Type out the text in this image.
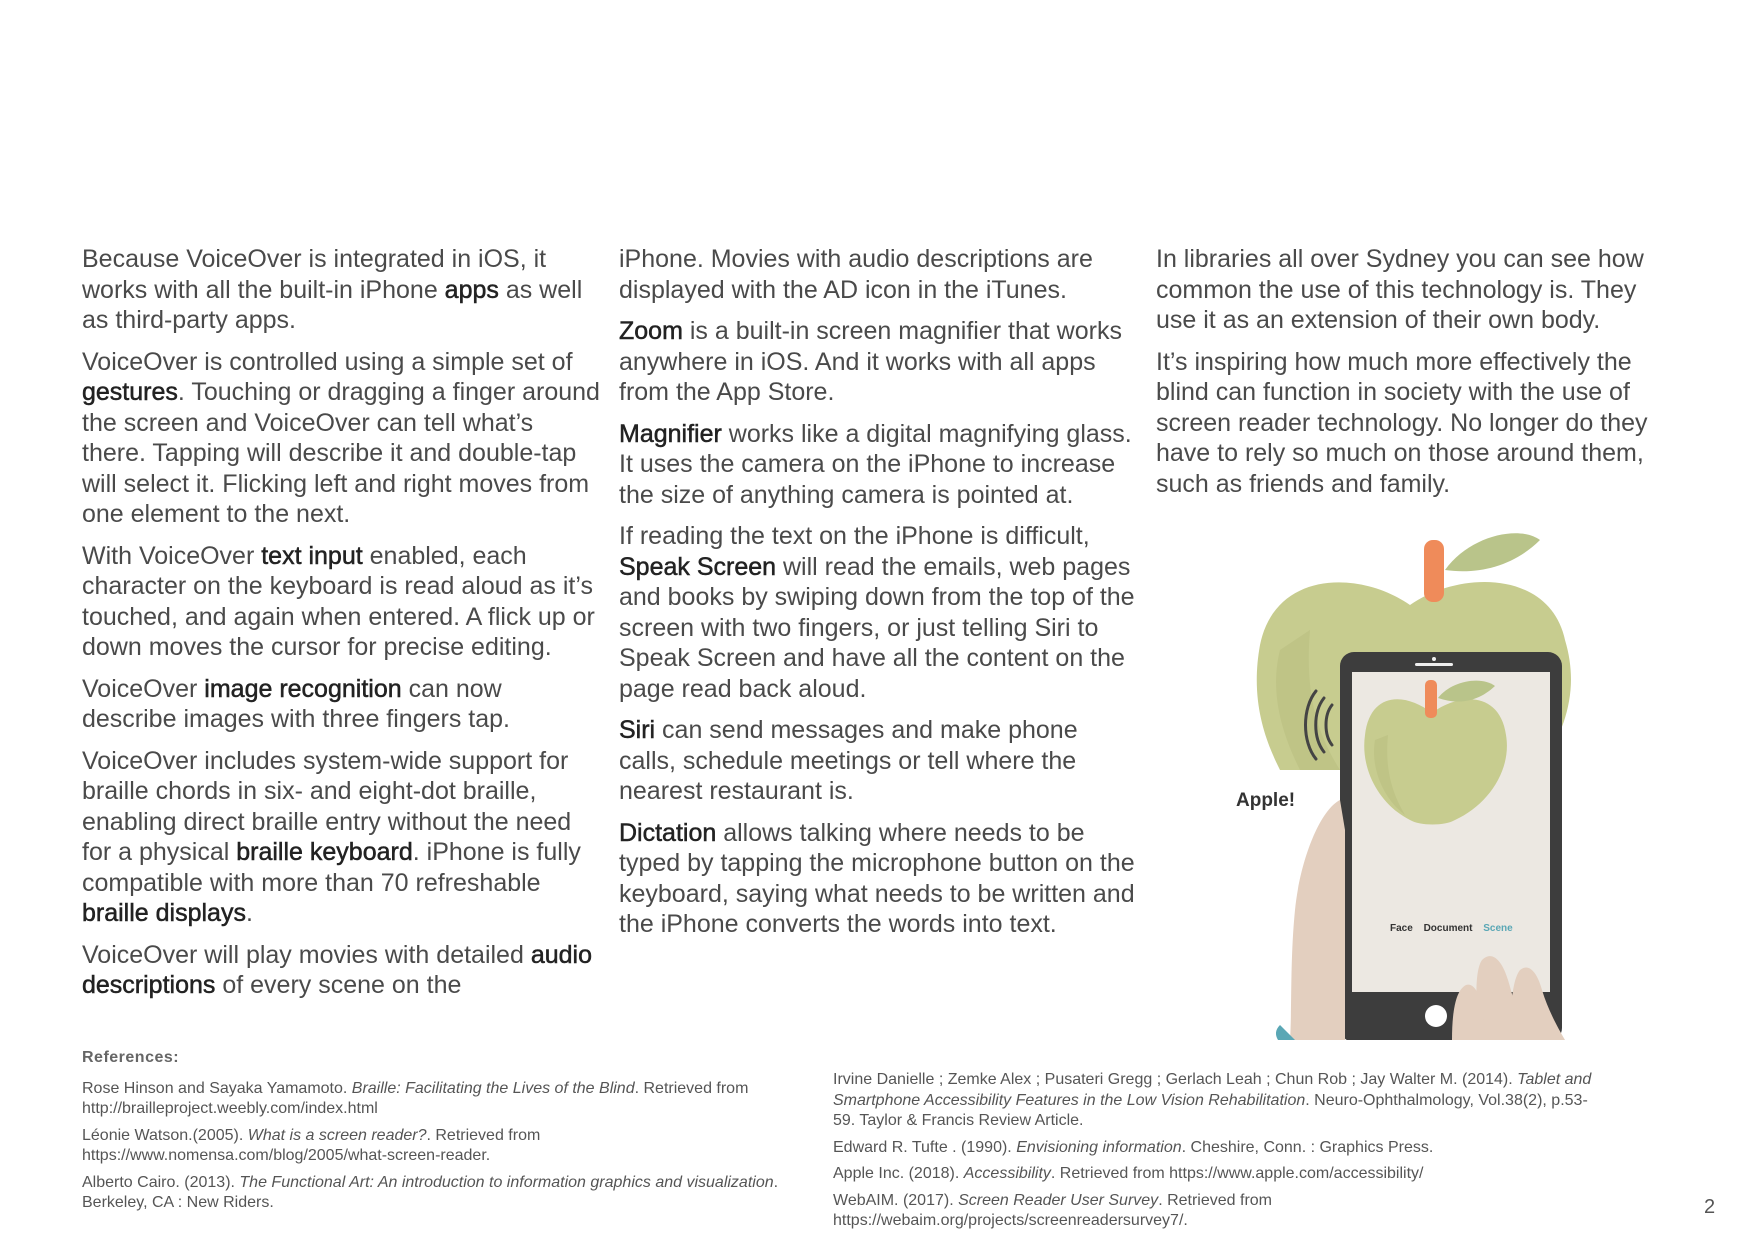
Because VoiceOver is integrated in iOS, it works with all the built-in iPhone apps as well as third-party apps.

VoiceOver is controlled using a simple set of gestures. Touching or dragging a finger around the screen and VoiceOver can tell what’s there. Tapping will describe it and double-tap will select it. Flicking left and right moves from one element to the next.

With VoiceOver text input enabled, each character on the keyboard is read aloud as it’s touched, and again when entered. A flick up or down moves the cursor for precise editing.

VoiceOver image recognition can now describe images with three fingers tap.

VoiceOver includes system-wide support for braille chords in six- and eight-dot braille, enabling direct braille entry without the need for a physical braille keyboard. iPhone is fully compatible with more than 70 refreshable braille displays.

VoiceOver will play movies with detailed audio descriptions of every scene on the

iPhone. Movies with audio descriptions are displayed with the AD icon in the iTunes.

Zoom is a built-in screen magnifier that works anywhere in iOS. And it works with all apps from the App Store.

Magnifier works like a digital magnifying glass. It uses the camera on the iPhone to increase the size of anything camera is pointed at.

If reading the text on the iPhone is difficult, Speak Screen will read the emails, web pages and books by swiping down from the top of the screen with two fingers, or just telling Siri to Speak Screen and have all the content on the page read back aloud.

Siri can send messages and make phone calls, schedule meetings or tell where the nearest restaurant is.

Dictation allows talking where needs to be typed by tapping the microphone button on the keyboard, saying what needs to be written and the iPhone converts the words into text.

In libraries all over Sydney you can see how common the use of this technology is. They use it as an extension of their own body.

It’s inspiring how much more effectively the blind can function in society with the use of screen reader technology. No longer do they have to rely so much on those around them, such as friends and family.

Apple!
Face Document Scene
References:

Rose Hinson and Sayaka Yamamoto. Braille: Facilitating the Lives of the Blind. Retrieved from http://brailleproject.weebly.com/index.html

Léonie Watson.(2005). What is a screen reader?. Retrieved from https://www.nomensa.com/blog/2005/what-screen-reader.

Alberto Cairo. (2013). The Functional Art: An introduction to information graphics and visualization. Berkeley, CA : New Riders.

Irvine Danielle ; Zemke Alex ; Pusateri Gregg ; Gerlach Leah ; Chun Rob ; Jay Walter M. (2014). Tablet and Smartphone Accessibility Features in the Low Vision Rehabilitation. Neuro-Ophthalmology, Vol.38(2), p.53-59. Taylor & Francis Review Article.

Edward R. Tufte . (1990). Envisioning information. Cheshire, Conn. : Graphics Press.

Apple Inc. (2018). Accessibility. Retrieved from https://www.apple.com/accessibility/

WebAIM. (2017). Screen Reader User Survey. Retrieved from https://webaim.org/projects/screenreadersurvey7/.

2
